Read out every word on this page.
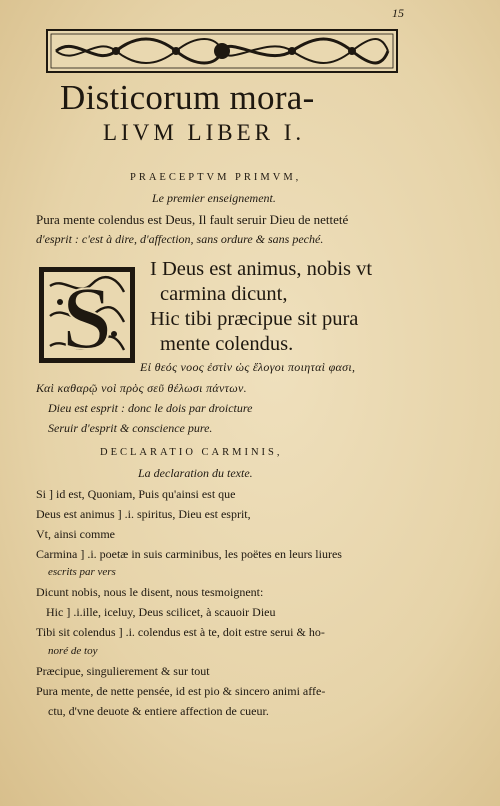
15
Disticorum mora-
LIVM LIBER I.
PRAECEPTVM PRIMVM,
Le premier enseignement.
Pura mente colendus est Deus, Il fault seruir Dieu de netteté
d'esprit : c'est à dire, d'affection, sans ordure & sans peché.
S I Deus est animus, nobis vt
carmina dicunt,
Hic tibi præcipue sit pura
mente colendus.
Εἰ θεός νοος ἐστὶν ὡς ἔλογοι ποιηταὶ φασι,
Καὶ καθαρῷ νοὶ πρὸς σεῦ θέλωσι πάντων.
Dieu est esprit : donc le dois par droicture
Seruir d'esprit & conscience pure.
DECLARATIO CARMINIS,
La declaration du texte.
Si ] id est, Quoniam, Puis qu'ainsi est que
Deus est animus ] .i. spiritus, Dieu est esprit,
Vt, ainsi comme
Carmina ] .i. poetæ in suis carminibus, les poëtes en leurs liures
escrits par vers
Dicunt nobis, nous le disent, nous tesmoignent:
Hic ] .i.ille, iceluy, Deus scilicet, à scauoir Dieu
Tibi sit colendus ] .i. colendus est à te, doit estre serui & ho-
noré de toy
Præcipue, singulierement & sur tout
Pura mente, de nette pensée, id est pio & sincero animi affe-
ctu, d'vne deuote & entiere affection de cueur.
